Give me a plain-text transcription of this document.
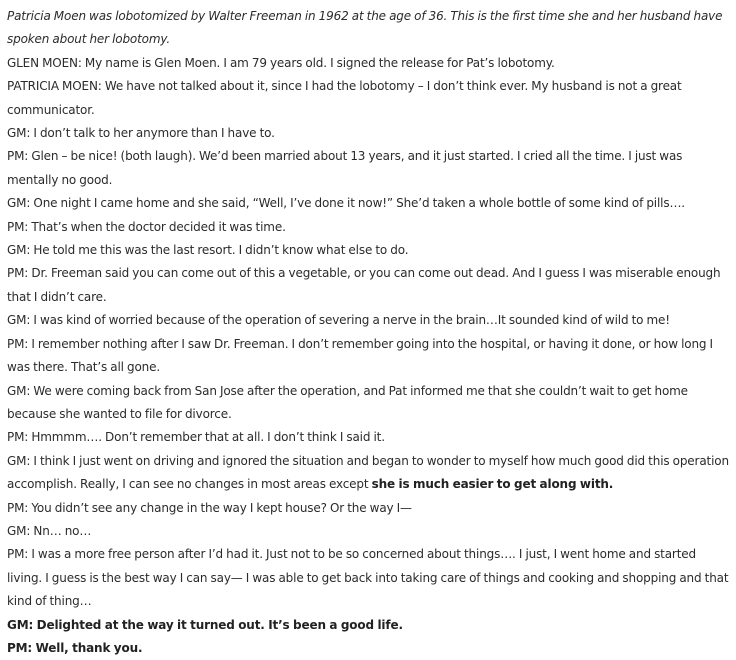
Patricia Moen was lobotomized by Walter Freeman in 1962 at the age of 36. This is the first time she and her husband have spoken about her lobotomy.

GLEN MOEN: My name is Glen Moen. I am 79 years old. I signed the release for Pat’s lobotomy.

PATRICIA MOEN: We have not talked about it, since I had the lobotomy – I don’t think ever. My husband is not a great communicator.

GM: I don’t talk to her anymore than I have to.

PM: Glen – be nice! (both laugh). We’d been married about 13 years, and it just started. I cried all the time. I just was mentally no good.

GM: One night I came home and she said, “Well, I’ve done it now!” She’d taken a whole bottle of some kind of pills….

PM: That’s when the doctor decided it was time.

GM: He told me this was the last resort. I didn’t know what else to do.

PM: Dr. Freeman said you can come out of this a vegetable, or you can come out dead. And I guess I was miserable enough that I didn’t care.

GM: I was kind of worried because of the operation of severing a nerve in the brain…It sounded kind of wild to me!

PM: I remember nothing after I saw Dr. Freeman. I don’t remember going into the hospital, or having it done, or how long I was there. That’s all gone.

GM: We were coming back from San Jose after the operation, and Pat informed me that she couldn’t wait to get home because she wanted to file for divorce.

PM: Hmmmm…. Don’t remember that at all. I don’t think I said it.

GM: I think I just went on driving and ignored the situation and began to wonder to myself how much good did this operation accomplish. Really, I can see no changes in most areas except she is much easier to get along with.

PM: You didn’t see any change in the way I kept house? Or the way I—

GM: Nn… no…

PM: I was a more free person after I’d had it. Just not to be so concerned about things…. I just, I went home and started living. I guess is the best way I can say— I was able to get back into taking care of things and cooking and shopping and that kind of thing…

GM: Delighted at the way it turned out. It’s been a good life.

PM: Well, thank you.
